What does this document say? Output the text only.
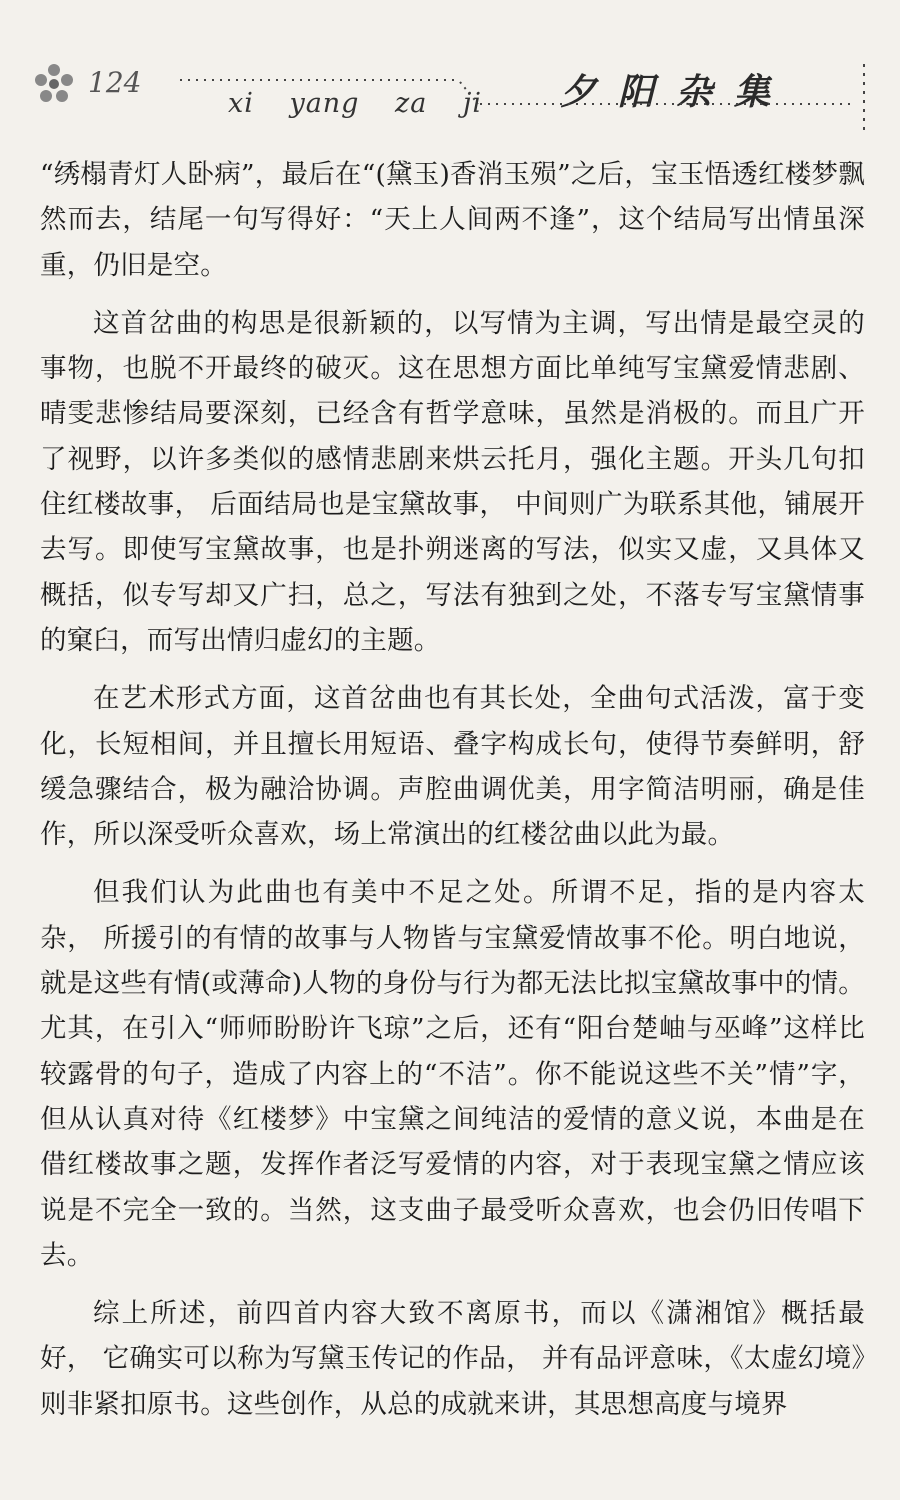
124
xi yang za ji 夕阳杂集

“绣榻青灯人卧病”，最后在“(黛玉)香消玉殒”之后，宝玉悟透红楼梦飘然而去，结尾一句写得好：“天上人间两不逢”，这个结局写出情虽深重，仍旧是空。

这首岔曲的构思是很新颖的，以写情为主调，写出情是最空灵的事物，也脱不开最终的破灭。这在思想方面比单纯写宝黛爱情悲剧、晴雯悲惨结局要深刻，已经含有哲学意味，虽然是消极的。而且广开了视野，以许多类似的感情悲剧来烘云托月，强化主题。开头几句扣住红楼故事， 后面结局也是宝黛故事， 中间则广为联系其他，铺展开去写。即使写宝黛故事，也是扑朔迷离的写法，似实又虚，又具体又概括，似专写却又广扫，总之，写法有独到之处，不落专写宝黛情事的窠臼，而写出情归虚幻的主题。

在艺术形式方面，这首岔曲也有其长处，全曲句式活泼，富于变化，长短相间，并且擅长用短语、叠字构成长句，使得节奏鲜明，舒缓急骤结合，极为融洽协调。声腔曲调优美，用字简洁明丽，确是佳作，所以深受听众喜欢，场上常演出的红楼岔曲以此为最。

但我们认为此曲也有美中不足之处。所谓不足，指的是内容太杂， 所援引的有情的故事与人物皆与宝黛爱情故事不伦。明白地说，就是这些有情(或薄命)人物的身份与行为都无法比拟宝黛故事中的情。尤其，在引入“师师盼盼许飞琼”之后，还有“阳台楚岫与巫峰”这样比较露骨的句子，造成了内容上的“不洁”。你不能说这些不关”情”字，但从认真对待《红楼梦》中宝黛之间纯洁的爱情的意义说，本曲是在借红楼故事之题，发挥作者泛写爱情的内容，对于表现宝黛之情应该说是不完全一致的。当然，这支曲子最受听众喜欢，也会仍旧传唱下去。

综上所述，前四首内容大致不离原书，而以《潇湘馆》概括最好， 它确实可以称为写黛玉传记的作品， 并有品评意味，《太虚幻境》则非紧扣原书。这些创作，从总的成就来讲，其思想高度与境界
